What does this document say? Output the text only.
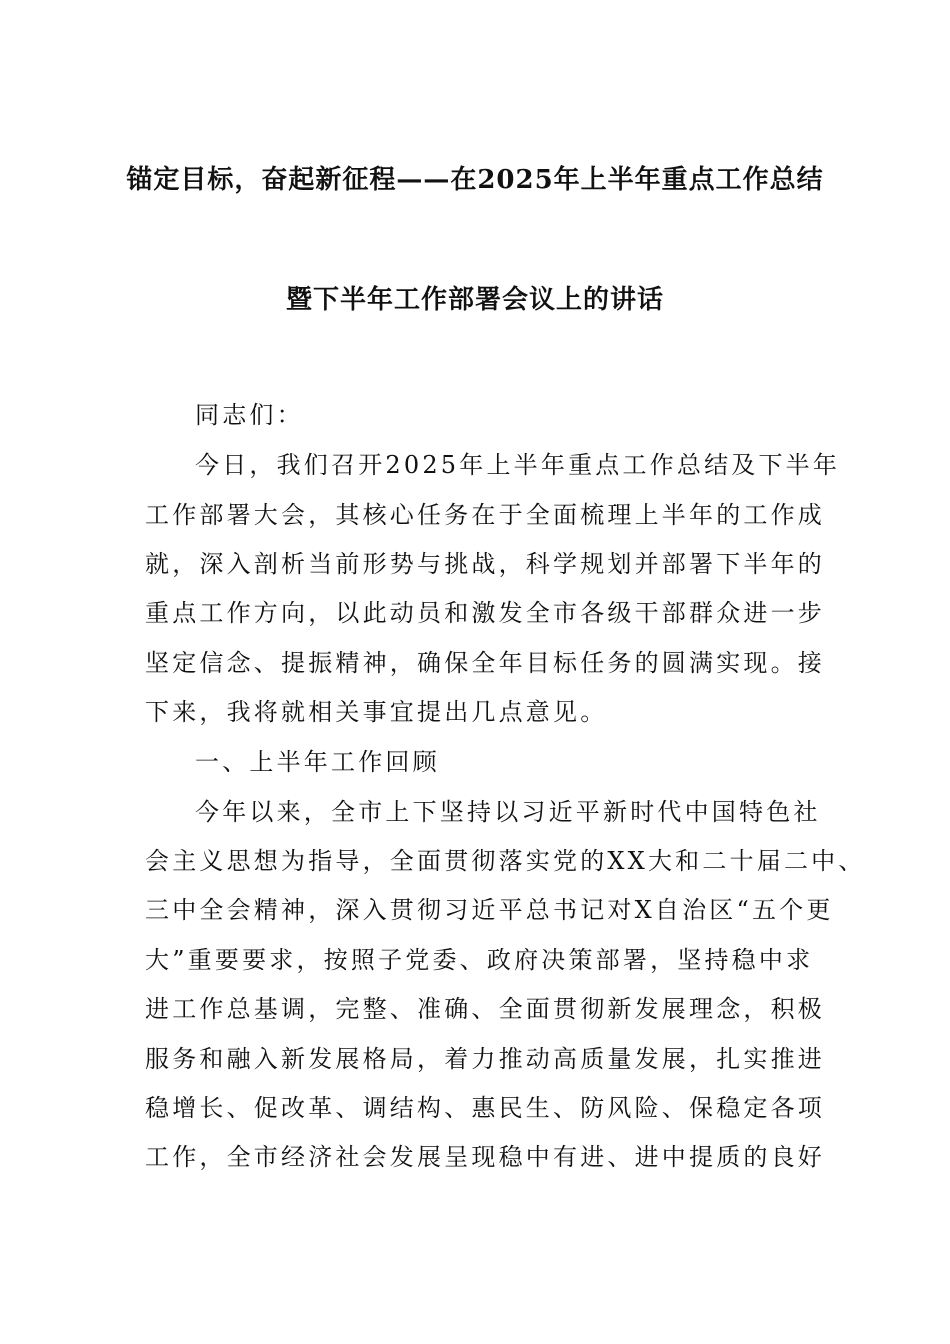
锚定目标，奋起新征程——在2025年上半年重点工作总结
暨下半年工作部署会议上的讲话
同志们：
今日，我们召开2025年上半年重点工作总结及下半年
工作部署大会，其核心任务在于全面梳理上半年的工作成
就，深入剖析当前形势与挑战，科学规划并部署下半年的
重点工作方向，以此动员和激发全市各级干部群众进一步
坚定信念、提振精神，确保全年目标任务的圆满实现。接
下来，我将就相关事宜提出几点意见。
一、上半年工作回顾
今年以来，全市上下坚持以习近平新时代中国特色社
会主义思想为指导，全面贯彻落实党的XX大和二十届二中、
三中全会精神，深入贯彻习近平总书记对X自治区“五个更
大”重要要求，按照子党委、政府决策部署，坚持稳中求
进工作总基调，完整、准确、全面贯彻新发展理念，积极
服务和融入新发展格局，着力推动高质量发展，扎实推进
稳增长、促改革、调结构、惠民生、防风险、保稳定各项
工作，全市经济社会发展呈现稳中有进、进中提质的良好
